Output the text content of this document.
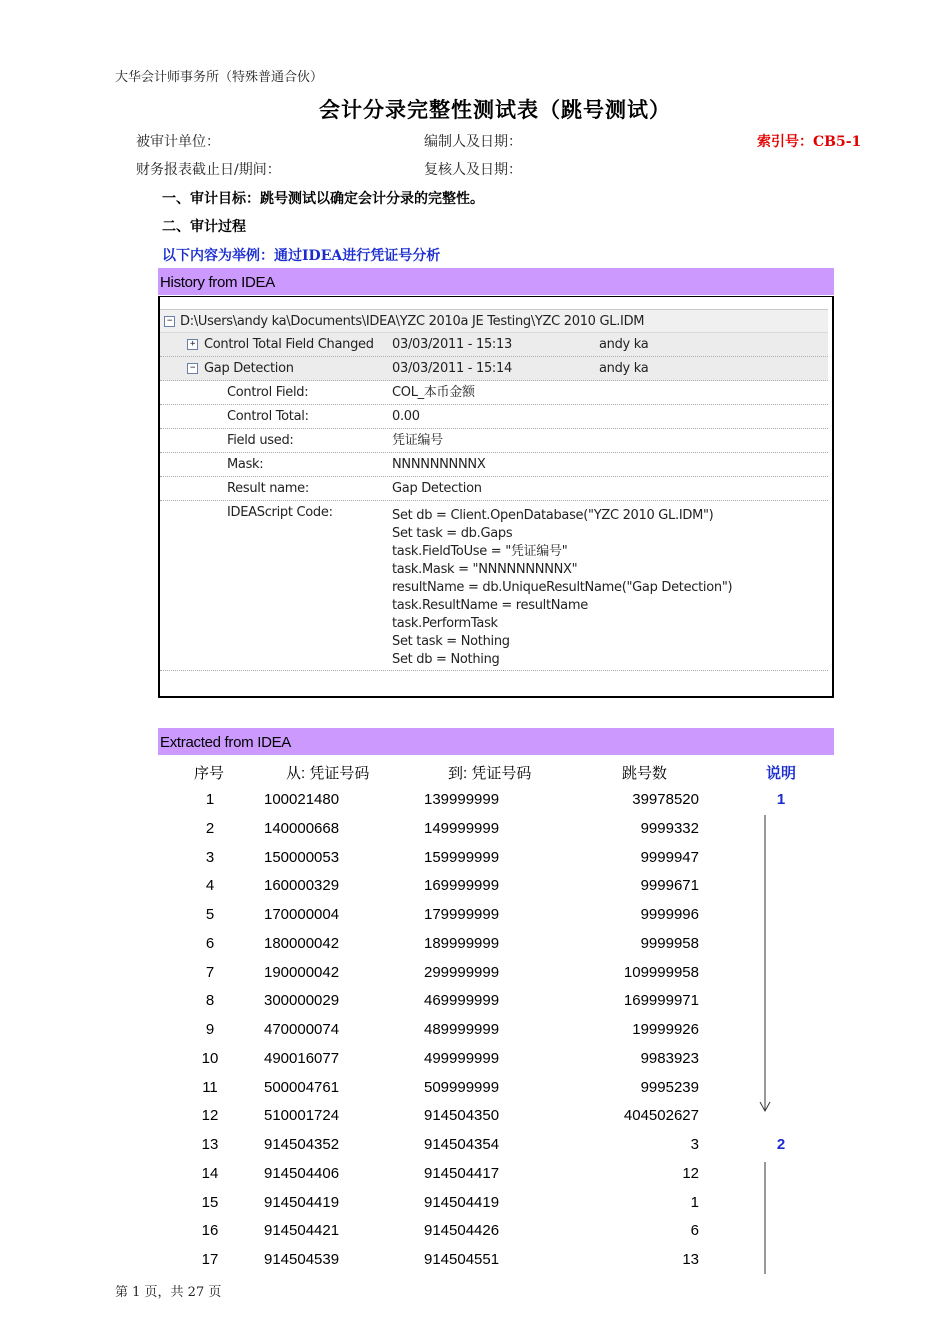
大华会计师事务所（特殊普通合伙）
会计分录完整性测试表（跳号测试）
被审计单位：	编制人及日期：	索引号：CB5-1
财务报表截止日/期间：	复核人及日期：
一、审计目标：跳号测试以确定会计分录的完整性。
二、审计过程
以下内容为举例：通过IDEA进行凭证号分析
History from IDEA
− D:\Users\andy ka\Documents\IDEA\YZC 2010a JE Testing\YZC 2010 GL.IDM
+ Control Total Field Changed 03/03/2011 - 15:13	andy ka
− Gap Detection	03/03/2011 - 15:14	andy ka
Control Field:	COL_本币金额
Control Total:	0.00
Field used:	凭证编号
Mask:	NNNNNNNNNX
Result name:	Gap Detection
IDEAScript Code:	Set db = Client.OpenDatabase("YZC 2010 GL.IDM")
Set task = db.Gaps
task.FieldToUse = "凭证编号"
task.Mask = "NNNNNNNNNX"
resultName = db.UniqueResultName("Gap Detection")
task.ResultName = resultName
task.PerformTask
Set task = Nothing
Set db = Nothing
Extracted from IDEA
序号	从: 凭证号码	到: 凭证号码	跳号数	说明
1	100021480	139999999	39978520	1
2	140000668	149999999	9999332
3	150000053	159999999	9999947
4	160000329	169999999	9999671
5	170000004	179999999	9999996
6	180000042	189999999	9999958
7	190000042	299999999	109999958
8	300000029	469999999	169999971
9	470000074	489999999	19999926
10	490016077	499999999	9983923
11	500004761	509999999	9995239
12	510001724	914504350	404502627
13	914504352	914504354	3	2
14	914504406	914504417	12
15	914504419	914504419	1
16	914504421	914504426	6
17	914504539	914504551	13
第 1 页，共 27 页
